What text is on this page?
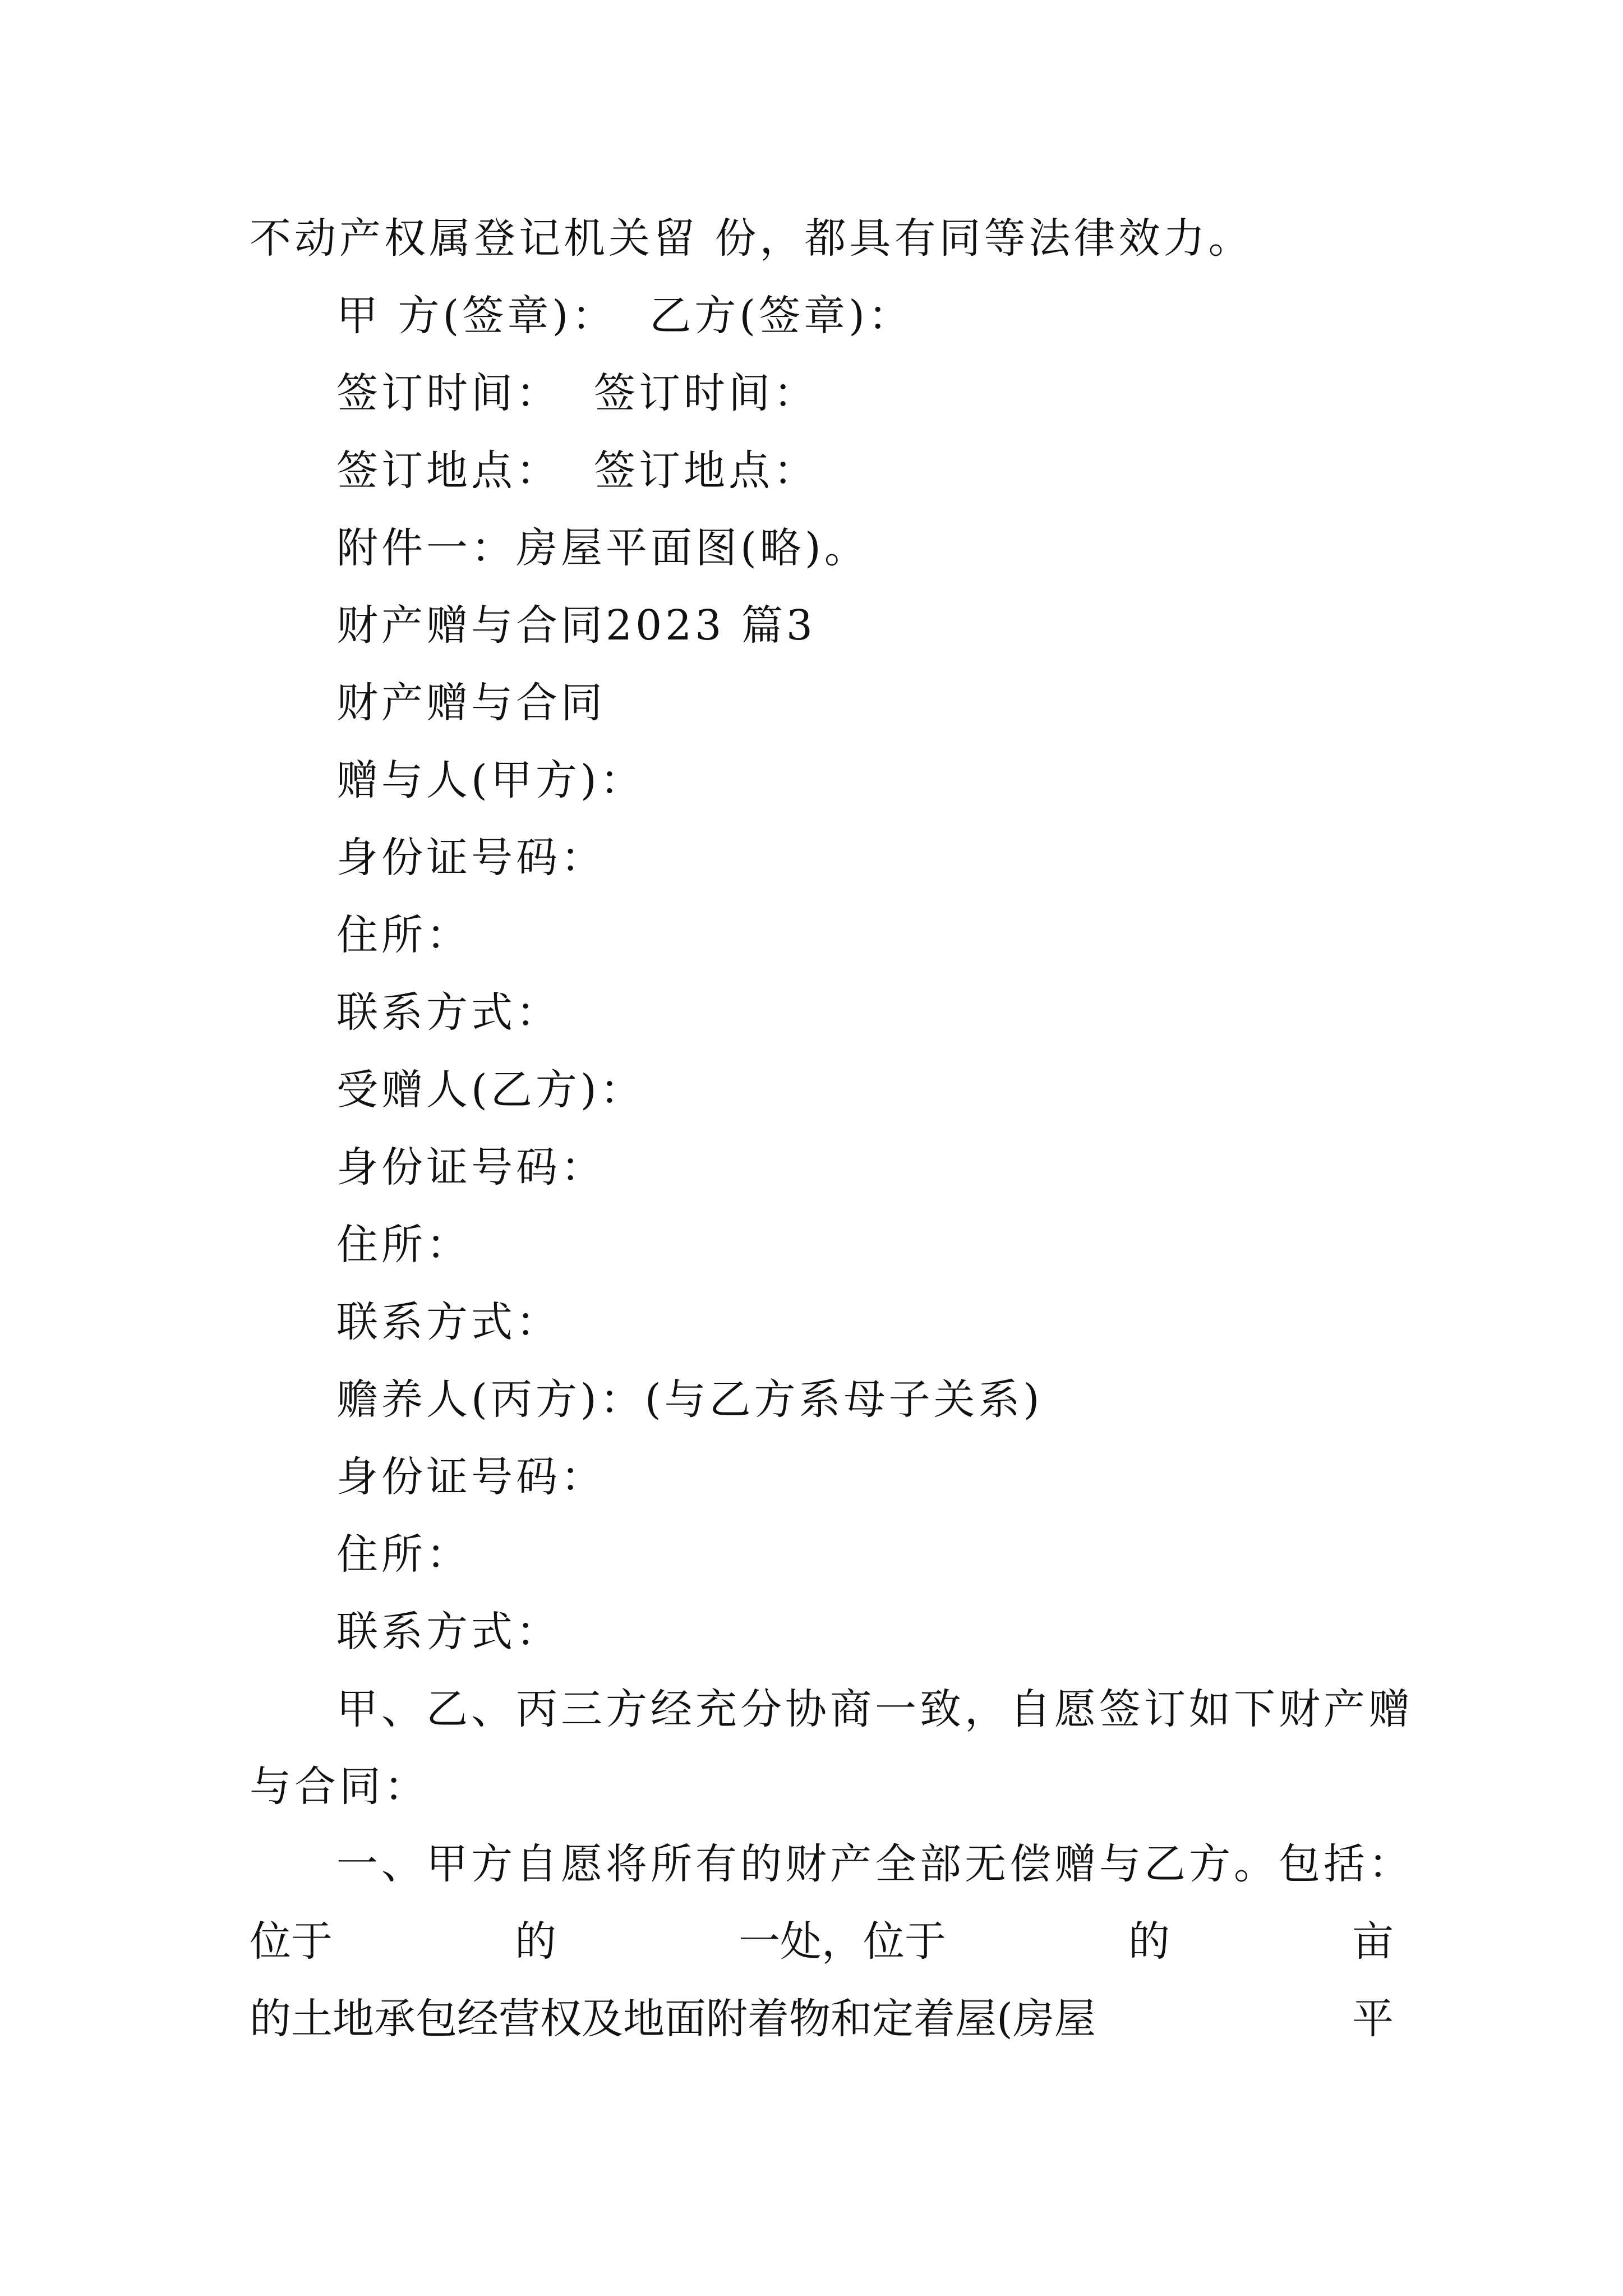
不动产权属登记机关留 份，都具有同等法律效力。
甲 方(签章)：  乙方(签章)：
签订时间：  签订时间：
签订地点：  签订地点：
附件一：房屋平面图(略)。
财产赠与合同2023 篇3
财产赠与合同
赠与人(甲方)：
身份证号码：
住所：
联系方式：
受赠人(乙方)：
身份证号码：
住所：
联系方式：
赡养人(丙方)：(与乙方系母子关系)
身份证号码：
住所：
联系方式：
甲、乙、丙三方经充分协商一致，自愿签订如下财产赠
与合同：
一、甲方自愿将所有的财产全部无偿赠与乙方。包括：
位于	的	一处，位于	的	亩
的土地承包经营权及地面附着物和定着屋(房屋	平
